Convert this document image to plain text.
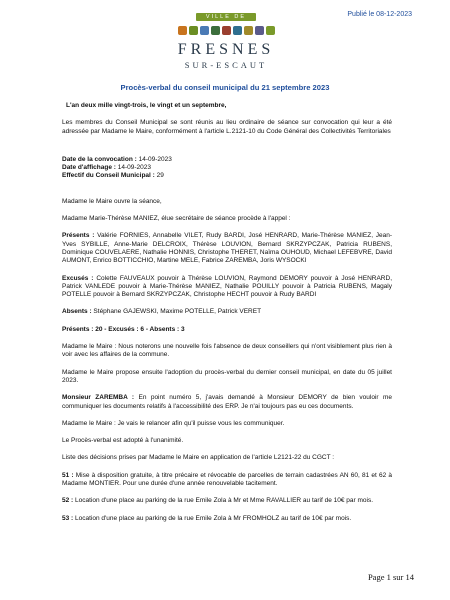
Publié le 08-12-2023
VILLE DE
FRESNES
SUR-ESCAUT
Procès-verbal du conseil municipal du 21 septembre 2023

L'an deux mille vingt-trois, le vingt et un septembre,

Les membres du Conseil Municipal se sont réunis au lieu ordinaire de séance sur convocation qui leur a été adressée par Madame le Maire, conformément à l'article L.2121-10 du Code Général des Collectivités Territoriales

Date de la convocation : 14-09-2023

Date d'affichage : 14-09-2023

Effectif du Conseil Municipal : 29

Madame le Maire ouvre la séance,

Madame Marie-Thérèse MANIEZ, élue secrétaire de séance procède à l'appel :

Présents : Valérie FORNIES, Annabelle VILET, Rudy BARDI, José HENRARD, Marie-Thérèse MANIEZ, Jean-Yves SYBILLE, Anne-Marie DELCROIX, Thérèse LOUVION, Bernard SKRZYPCZAK, Patricia RUBENS, Dominique COUVELAERE, Nathalie HONNIS, Christophe THERET, Naïma OUHOUD, Michael LEFEBVRE, David AUMONT, Enrico BOTTICCHIO, Martine MELE, Fabrice ZAREMBA, Joris WYSOCKI

Excusés : Colette FAUVEAUX pouvoir à Thérèse LOUVION, Raymond DEMORY pouvoir à José HENRARD, Patrick VANLEDE pouvoir à Marie-Thérèse MANIEZ, Nathalie POUILLY pouvoir à Patricia RUBENS, Magaly POTELLE pouvoir à Bernard SKRZYPCZAK, Christophe HECHT pouvoir à Rudy BARDI

Absents : Stéphane GAJEWSKI, Maxime POTELLE, Patrick VERET

Présents : 20 - Excusés : 6 - Absents : 3

Madame le Maire : Nous noterons une nouvelle fois l'absence de deux conseillers qui n'ont visiblement plus rien à voir avec les affaires de la commune.

Madame le Maire propose ensuite l'adoption du procès-verbal du dernier conseil municipal, en date du 05 juillet 2023.

Monsieur ZAREMBA : En point numéro 5, j'avais demandé à Monsieur DEMORY de bien vouloir me communiquer les documents relatifs à l'accessibilité des ERP. Je n'ai toujours pas eu ces documents.

Madame le Maire : Je vais le relancer afin qu'il puisse vous les communiquer.

Le Procès-verbal est adopté à l'unanimité.

Liste des décisions prises par Madame le Maire en application de l'article L2121-22 du CGCT :

51 : Mise à disposition gratuite, à titre précaire et révocable de parcelles de terrain cadastrées AN 60, 81 et 62 à Madame MONTIER. Pour une durée d'une année renouvelable tacitement.

52 : Location d'une place au parking de la rue Emile Zola à Mr et Mme RAVALLIER au tarif de 10€ par mois.

53 : Location d'une place au parking de la rue Emile Zola à Mr FROMHOLZ au tarif de 10€ par mois.

Page 1 sur 14
